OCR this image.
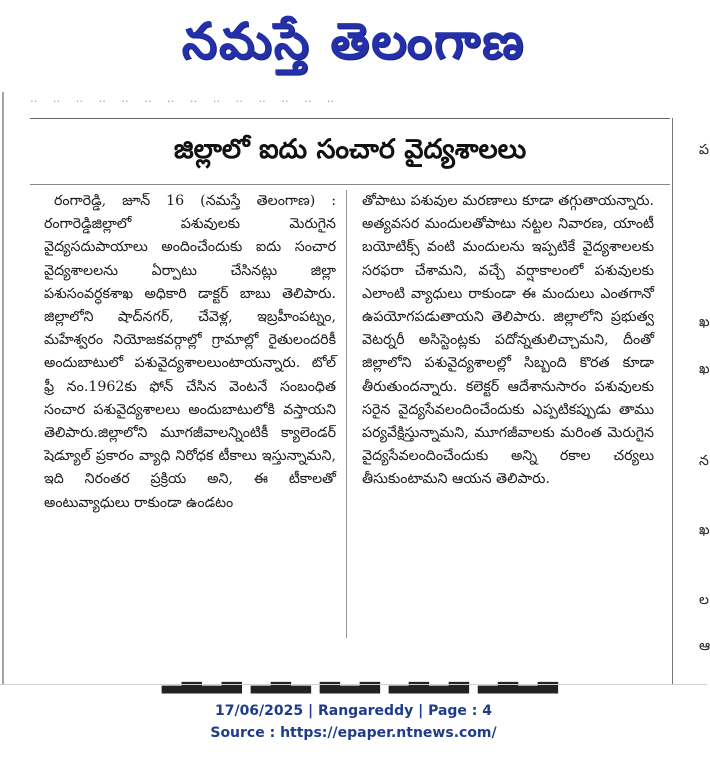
నమస్తే తెలంగాణ
‥ ‥ ‥ ‥ ‥ ‥ ‥ ‥ ‥ ‥ ‥ ‥ ‥ ‥
ప
ఖ
ఖ
న
ఖ
ల
ఆ
జిల్లాలో ఐదు సంచార వైద్యశాలలు
రంగారెడ్డి, జూన్ 16 (నమస్తే తెలంగాణ) : రంగారెడ్డిజిల్లాలో పశువులకు మెరుగైన వైద్యసదుపాయాలు అందించేందుకు ఐదు సంచార వైద్యశాలలను ఏర్పాటు చేసినట్లు జిల్లా పశుసంవర్ధకశాఖ అధికారి డాక్టర్ బాబు తెలిపారు. జిల్లాలోని షాద్‌నగర్, చేవెళ్ల, ఇబ్రహీంపట్నం, మహేశ్వరం నియోజకవర్గాల్లో గ్రామాల్లో రైతులందరికీ అందుబాటులో పశువైద్యశాలలుంటాయన్నారు. టోల్ ఫ్రీ నం.1962కు ఫోన్ చేసిన వెంటనే సంబంధిత సంచార పశువైద్యశాలలు అందుబాటులోకి వస్తాయని తెలిపారు.జిల్లాలోని మూగజీవాలన్నింటికీ క్యాలెండర్ షెడ్యూల్ ప్రకారం వ్యాధి నిరోధక టీకాలు ఇస్తున్నామని, ఇది నిరంతర ప్రక్రియ అని, ఈ టీకాలతో అంటువ్యాధులు రాకుండా ఉండటం
తోపాటు పశువుల మరణాలు కూడా తగ్గుతాయన్నారు. అత్యవసర మందులతోపాటు నట్టల నివారణ, యాంటీ బయోటిక్స్ వంటి మందులను ఇప్పటికే వైద్యశాలలకు సరఫరా చేశామని, వచ్చే వర్షాకాలంలో పశువులకు ఎలాంటి వ్యాధులు రాకుండా ఈ మందులు ఎంతగానో ఉపయోగపడుతాయని తెలిపారు. జిల్లాలోని ప్రభుత్వ వెటర్నరీ అసిస్టెంట్లకు పదోన్నతులిచ్చామని, దీంతో జిల్లాలోని పశువైద్యశాలల్లో సిబ్బంది కొరత కూడా తీరుతుందన్నారు. కలెక్టర్ ఆదేశానుసారం పశువులకు సరైన వైద్యసేవలందించేందుకు ఎప్పటికప్పుడు తాము పర్యవేక్షిస్తున్నామని, మూగజీవాలకు మరింత మెరుగైన వైద్యసేవలందించేందుకు అన్ని రకాల చర్యలు తీసుకుంటామని ఆయన తెలిపారు.
▂▃▂▃ ▂▃▂ ▃▂▃ ▂▃▂▃ ▂▃▂▃
17/06/2025 | Rangareddy | Page : 4
Source : https://epaper.ntnews.com/
